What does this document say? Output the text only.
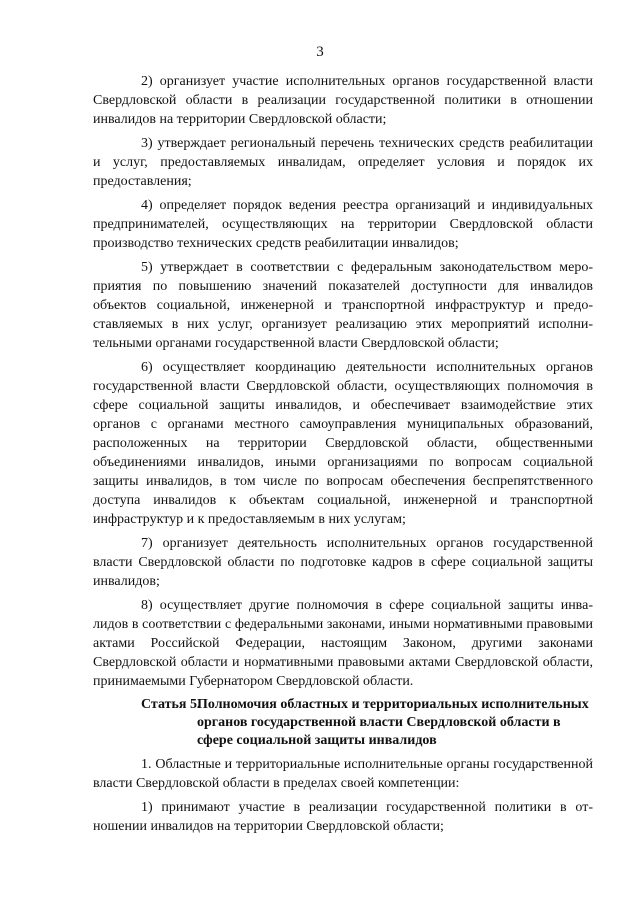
3

2) организует участие исполнительных органов государственной власти Свердловской области в реализации государственной политики в отношении инвалидов на территории Свердловской области;

3) утверждает региональный перечень технических средств реабилитации и услуг, предоставляемых инвалидам, определяет условия и порядок их предоставления;

4) определяет порядок ведения реестра организаций и индивидуальных предпринимателей, осуществляющих на территории Свердловской области производство технических средств реабилитации инвалидов;

5) утверждает в соответствии с федеральным законодательством мероприятия по повышению значений показателей доступности для инвалидов объектов социальной, инженерной и транспортной инфраструктур и предоставляемых в них услуг, организует реализацию этих мероприятий исполнительными органами государственной власти Свердловской области;

6) осуществляет координацию деятельности исполнительных органов государственной власти Свердловской области, осуществляющих полномочия в сфере социальной защиты инвалидов, и обеспечивает взаимодействие этих органов с органами местного самоуправления муниципальных образований, расположенных на территории Свердловской области, общественными объединениями инвалидов, иными организациями по вопросам социальной защиты инвалидов, в том числе по вопросам обеспечения беспрепятственного доступа инвалидов к объектам социальной, инженерной и транспортной инфраструктур и к предоставляемым в них услугам;

7) организует деятельность исполнительных органов государственной власти Свердловской области по подготовке кадров в сфере социальной защиты инвалидов;

8) осуществляет другие полномочия в сфере социальной защиты инвалидов в соответствии с федеральными законами, иными нормативными правовыми актами Российской Федерации, настоящим Законом, другими законами Свердловской области и нормативными правовыми актами Свердловской области, принимаемыми Губернатором Свердловской области.

Статья 5.
Полномочия областных и территориальных исполнительных органов государственной власти Свердловской области в сфере социальной защиты инвалидов

1. Областные и территориальные исполнительные органы государственной власти Свердловской области в пределах своей компетенции:

1) принимают участие в реализации государственной политики в отношении инвалидов на территории Свердловской области;
